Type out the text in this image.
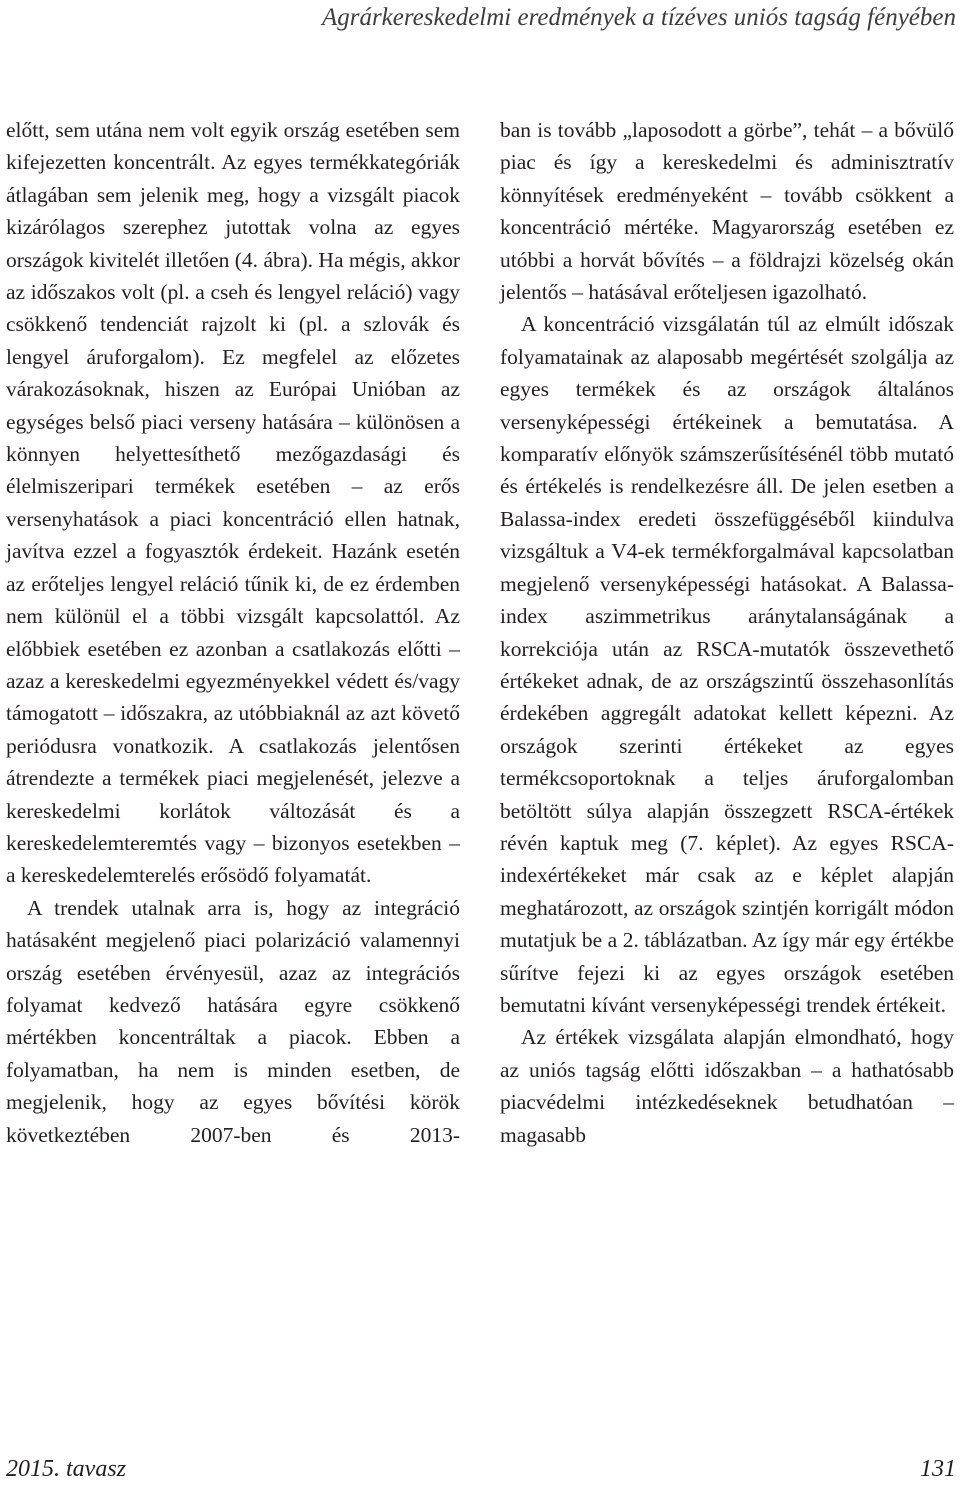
Agrárkereskedelmi eredmények a tízéves uniós tagság fényében

előtt, sem utána nem volt egyik ország esetében sem kifejezetten koncentrált. Az egyes termékkategóriák átlagában sem jelenik meg, hogy a vizsgált piacok kizárólagos szerephez jutottak volna az egyes országok kivitelét illetően (4. ábra). Ha mégis, akkor az időszakos volt (pl. a cseh és lengyel reláció) vagy csökkenő tendenciát rajzolt ki (pl. a szlovák és lengyel áruforgalom). Ez megfelel az előzetes várakozásoknak, hiszen az Európai Unióban az egységes belső piaci verseny hatására – különösen a könnyen helyettesíthető mezőgazdasági és élelmiszeripari termékek esetében – az erős versenyhatások a piaci koncentráció ellen hatnak, javítva ezzel a fogyasztók érdekeit. Hazánk esetén az erőteljes lengyel reláció tűnik ki, de ez érdemben nem különül el a többi vizsgált kapcsolattól. Az előbbiek esetében ez azonban a csatlakozás előtti – azaz a kereskedelmi egyezményekkel védett és/vagy támogatott – időszakra, az utóbbiaknál az azt követő periódusra vonatkozik. A csatlakozás jelentősen átrendezte a termékek piaci megjelenését, jelezve a kereskedelmi korlátok változását és a kereskedelemteremtés vagy – bizonyos esetekben – a kereskedelemterelés erősödő folyamatát.

A trendek utalnak arra is, hogy az integráció hatásaként megjelenő piaci polarizáció valamennyi ország esetében érvényesül, azaz az integrációs folyamat kedvező hatására egyre csökkenő mértékben koncentráltak a piacok. Ebben a folyamatban, ha nem is minden esetben, de megjelenik, hogy az egyes bővítési körök következtében 2007-ben és 2013-

ban is tovább „laposodott a görbe”, tehát – a bővülő piac és így a kereskedelmi és adminisztratív könnyítések eredményeként – tovább csökkent a koncentráció mértéke. Magyarország esetében ez utóbbi a horvát bővítés – a földrajzi közelség okán jelentős – hatásával erőteljesen igazolható.

A koncentráció vizsgálatán túl az elmúlt időszak folyamatainak az alaposabb megértését szolgálja az egyes termékek és az országok általános versenyképességi értékeinek a bemutatása. A komparatív előnyök számszerűsítésénél több mutató és értékelés is rendelkezésre áll. De jelen esetben a Balassa-index eredeti összefüggéséből kiindulva vizsgáltuk a V4-ek termékforgalmával kapcsolatban megjelenő versenyképességi hatásokat. A Balassa-index aszimmetrikus aránytalanságának a korrekciója után az RSCA-mutatók összevethető értékeket adnak, de az országszintű összehasonlítás érdekében aggregált adatokat kellett képezni. Az országok szerinti értékeket az egyes termékcsoportoknak a teljes áruforgalomban betöltött súlya alapján összegzett RSCA-értékek révén kaptuk meg (7. képlet). Az egyes RSCA-indexértékeket már csak az e képlet alapján meghatározott, az országok szintjén korrigált módon mutatjuk be a 2. táblázatban. Az így már egy értékbe sűrítve fejezi ki az egyes országok esetében bemutatni kívánt versenyképességi trendek értékeit.

Az értékek vizsgálata alapján elmondható, hogy az uniós tagság előtti időszakban – a hathatósabb piacvédelmi intézkedéseknek betudhatóan – magasabb

2015. tavasz	131
